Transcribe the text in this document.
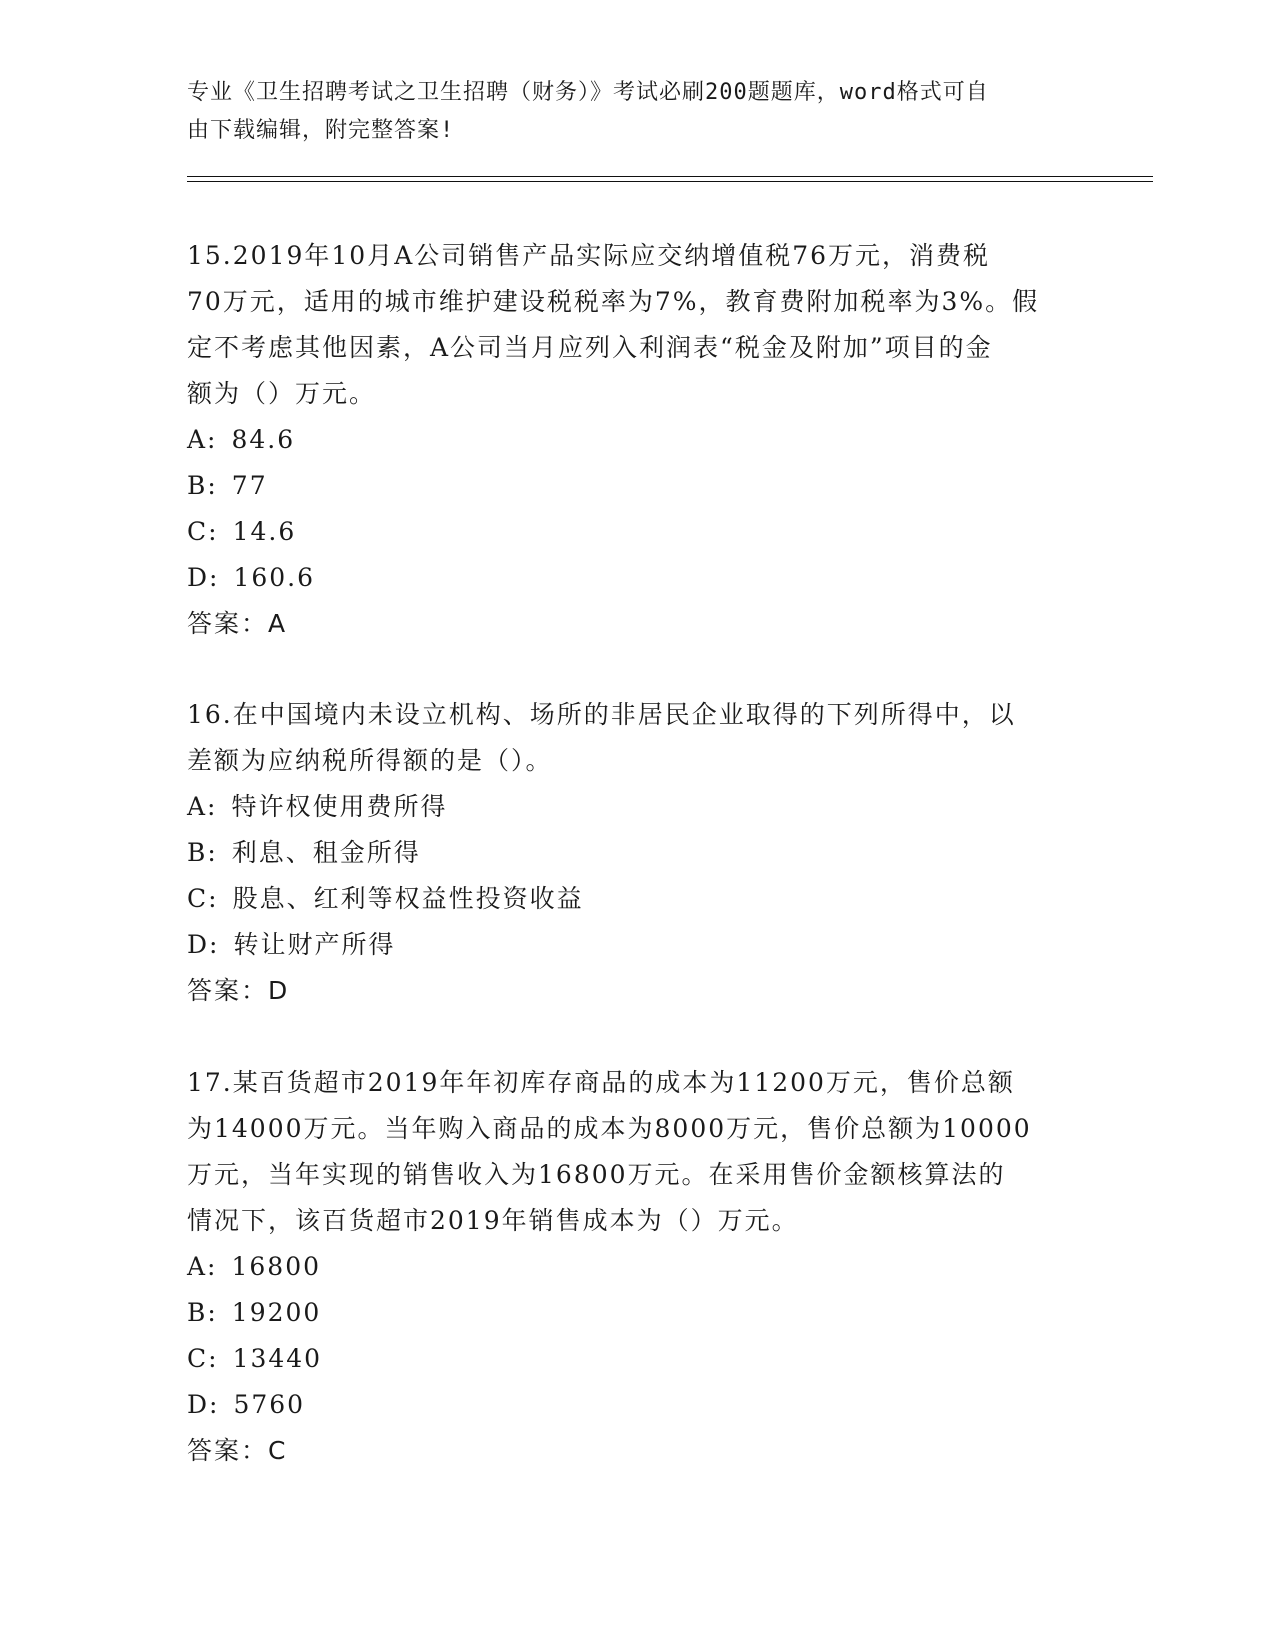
专业《卫生招聘考试之卫生招聘（财务）》考试必刷200题题库，word格式可自
由下载编辑，附完整答案!

15.2019年10月A公司销售产品实际应交纳增值税76万元，消费税

70万元，适用的城市维护建设税税率为7%，教育费附加税率为3%。假

定不考虑其他因素，A公司当月应列入利润表“税金及附加”项目的金

额为（）万元。

A: 84.6

B: 77

C: 14.6

D: 160.6

答案：A

16.在中国境内未设立机构、场所的非居民企业取得的下列所得中，以

差额为应纳税所得额的是（）。

A: 特许权使用费所得

B: 利息、租金所得

C: 股息、红利等权益性投资收益

D: 转让财产所得

答案：D

17.某百货超市2019年年初库存商品的成本为11200万元，售价总额

为14000万元。当年购入商品的成本为8000万元，售价总额为10000

万元，当年实现的销售收入为16800万元。在采用售价金额核算法的

情况下，该百货超市2019年销售成本为（）万元。

A: 16800

B: 19200

C: 13440

D: 5760

答案：C
